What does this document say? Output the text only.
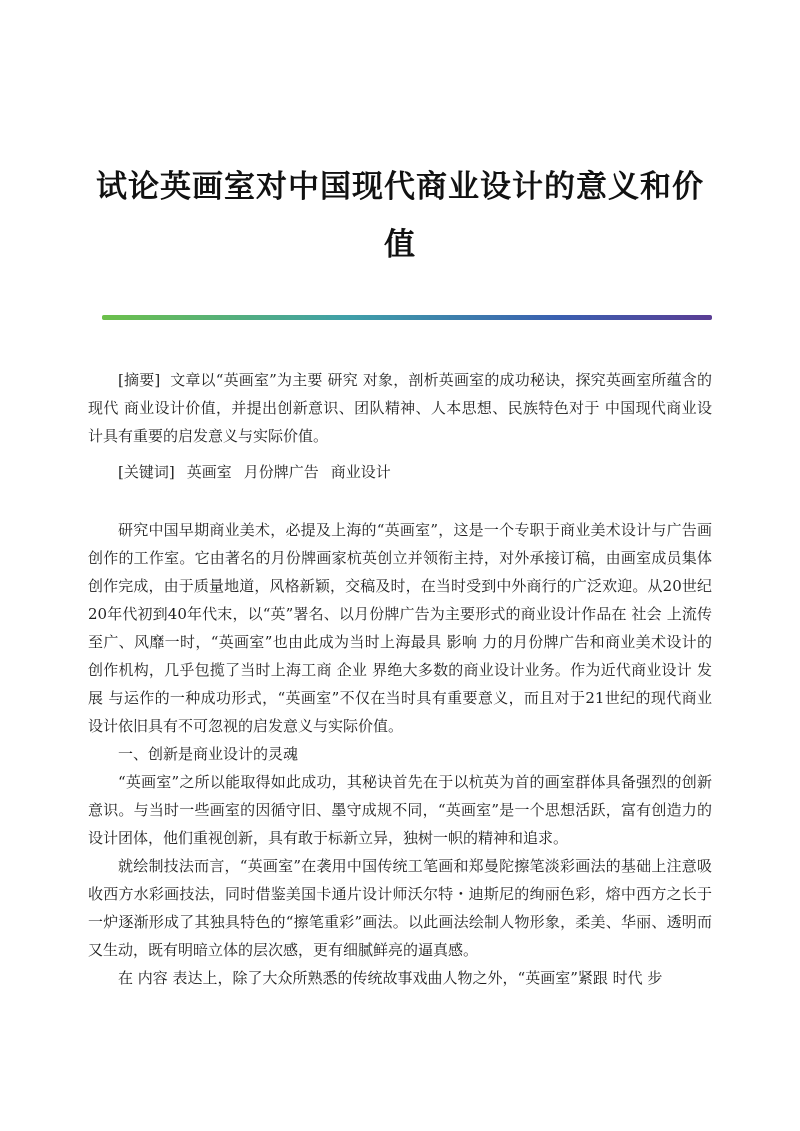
试论英画室对中国现代商业设计的意义和价值

[摘要] 文章以“英画室”为主要 研究 对象，剖析英画室的成功秘诀，探究英画室所蕴含的 现代 商业设计价值，并提出创新意识、团队精神、人本思想、民族特色对于 中国现代商业设计具有重要的启发意义与实际价值。

[关键词] 英画室 月份牌广告 商业设计

研究中国早期商业美术，必提及上海的“英画室”，这是一个专职于商业美术设计与广告画创作的工作室。它由著名的月份牌画家杭英创立并领衔主持，对外承接订稿，由画室成员集体创作完成，由于质量地道，风格新颖，交稿及时，在当时受到中外商行的广泛欢迎。从20世纪20年代初到40年代末，以“英”署名、以月份牌广告为主要形式的商业设计作品在 社会 上流传至广、风靡一时，“英画室”也由此成为当时上海最具 影响 力的月份牌广告和商业美术设计的创作机构，几乎包揽了当时上海工商 企业 界绝大多数的商业设计业务。作为近代商业设计 发展 与运作的一种成功形式，“英画室”不仅在当时具有重要意义，而且对于21世纪的现代商业设计依旧具有不可忽视的启发意义与实际价值。

一、创新是商业设计的灵魂

“英画室”之所以能取得如此成功，其秘诀首先在于以杭英为首的画室群体具备强烈的创新意识。与当时一些画室的因循守旧、墨守成规不同，“英画室”是一个思想活跃，富有创造力的设计团体，他们重视创新，具有敢于标新立异，独树一帜的精神和追求。

就绘制技法而言，“英画室”在袭用中国传统工笔画和郑曼陀擦笔淡彩画法的基础上注意吸收西方水彩画技法，同时借鉴美国卡通片设计师沃尔特・迪斯尼的绚丽色彩，熔中西方之长于一炉逐渐形成了其独具特色的“擦笔重彩”画法。以此画法绘制人物形象，柔美、华丽、透明而又生动，既有明暗立体的层次感，更有细腻鲜亮的逼真感。

在 内容 表达上，除了大众所熟悉的传统故事戏曲人物之外，“英画室”紧跟 时代 步
